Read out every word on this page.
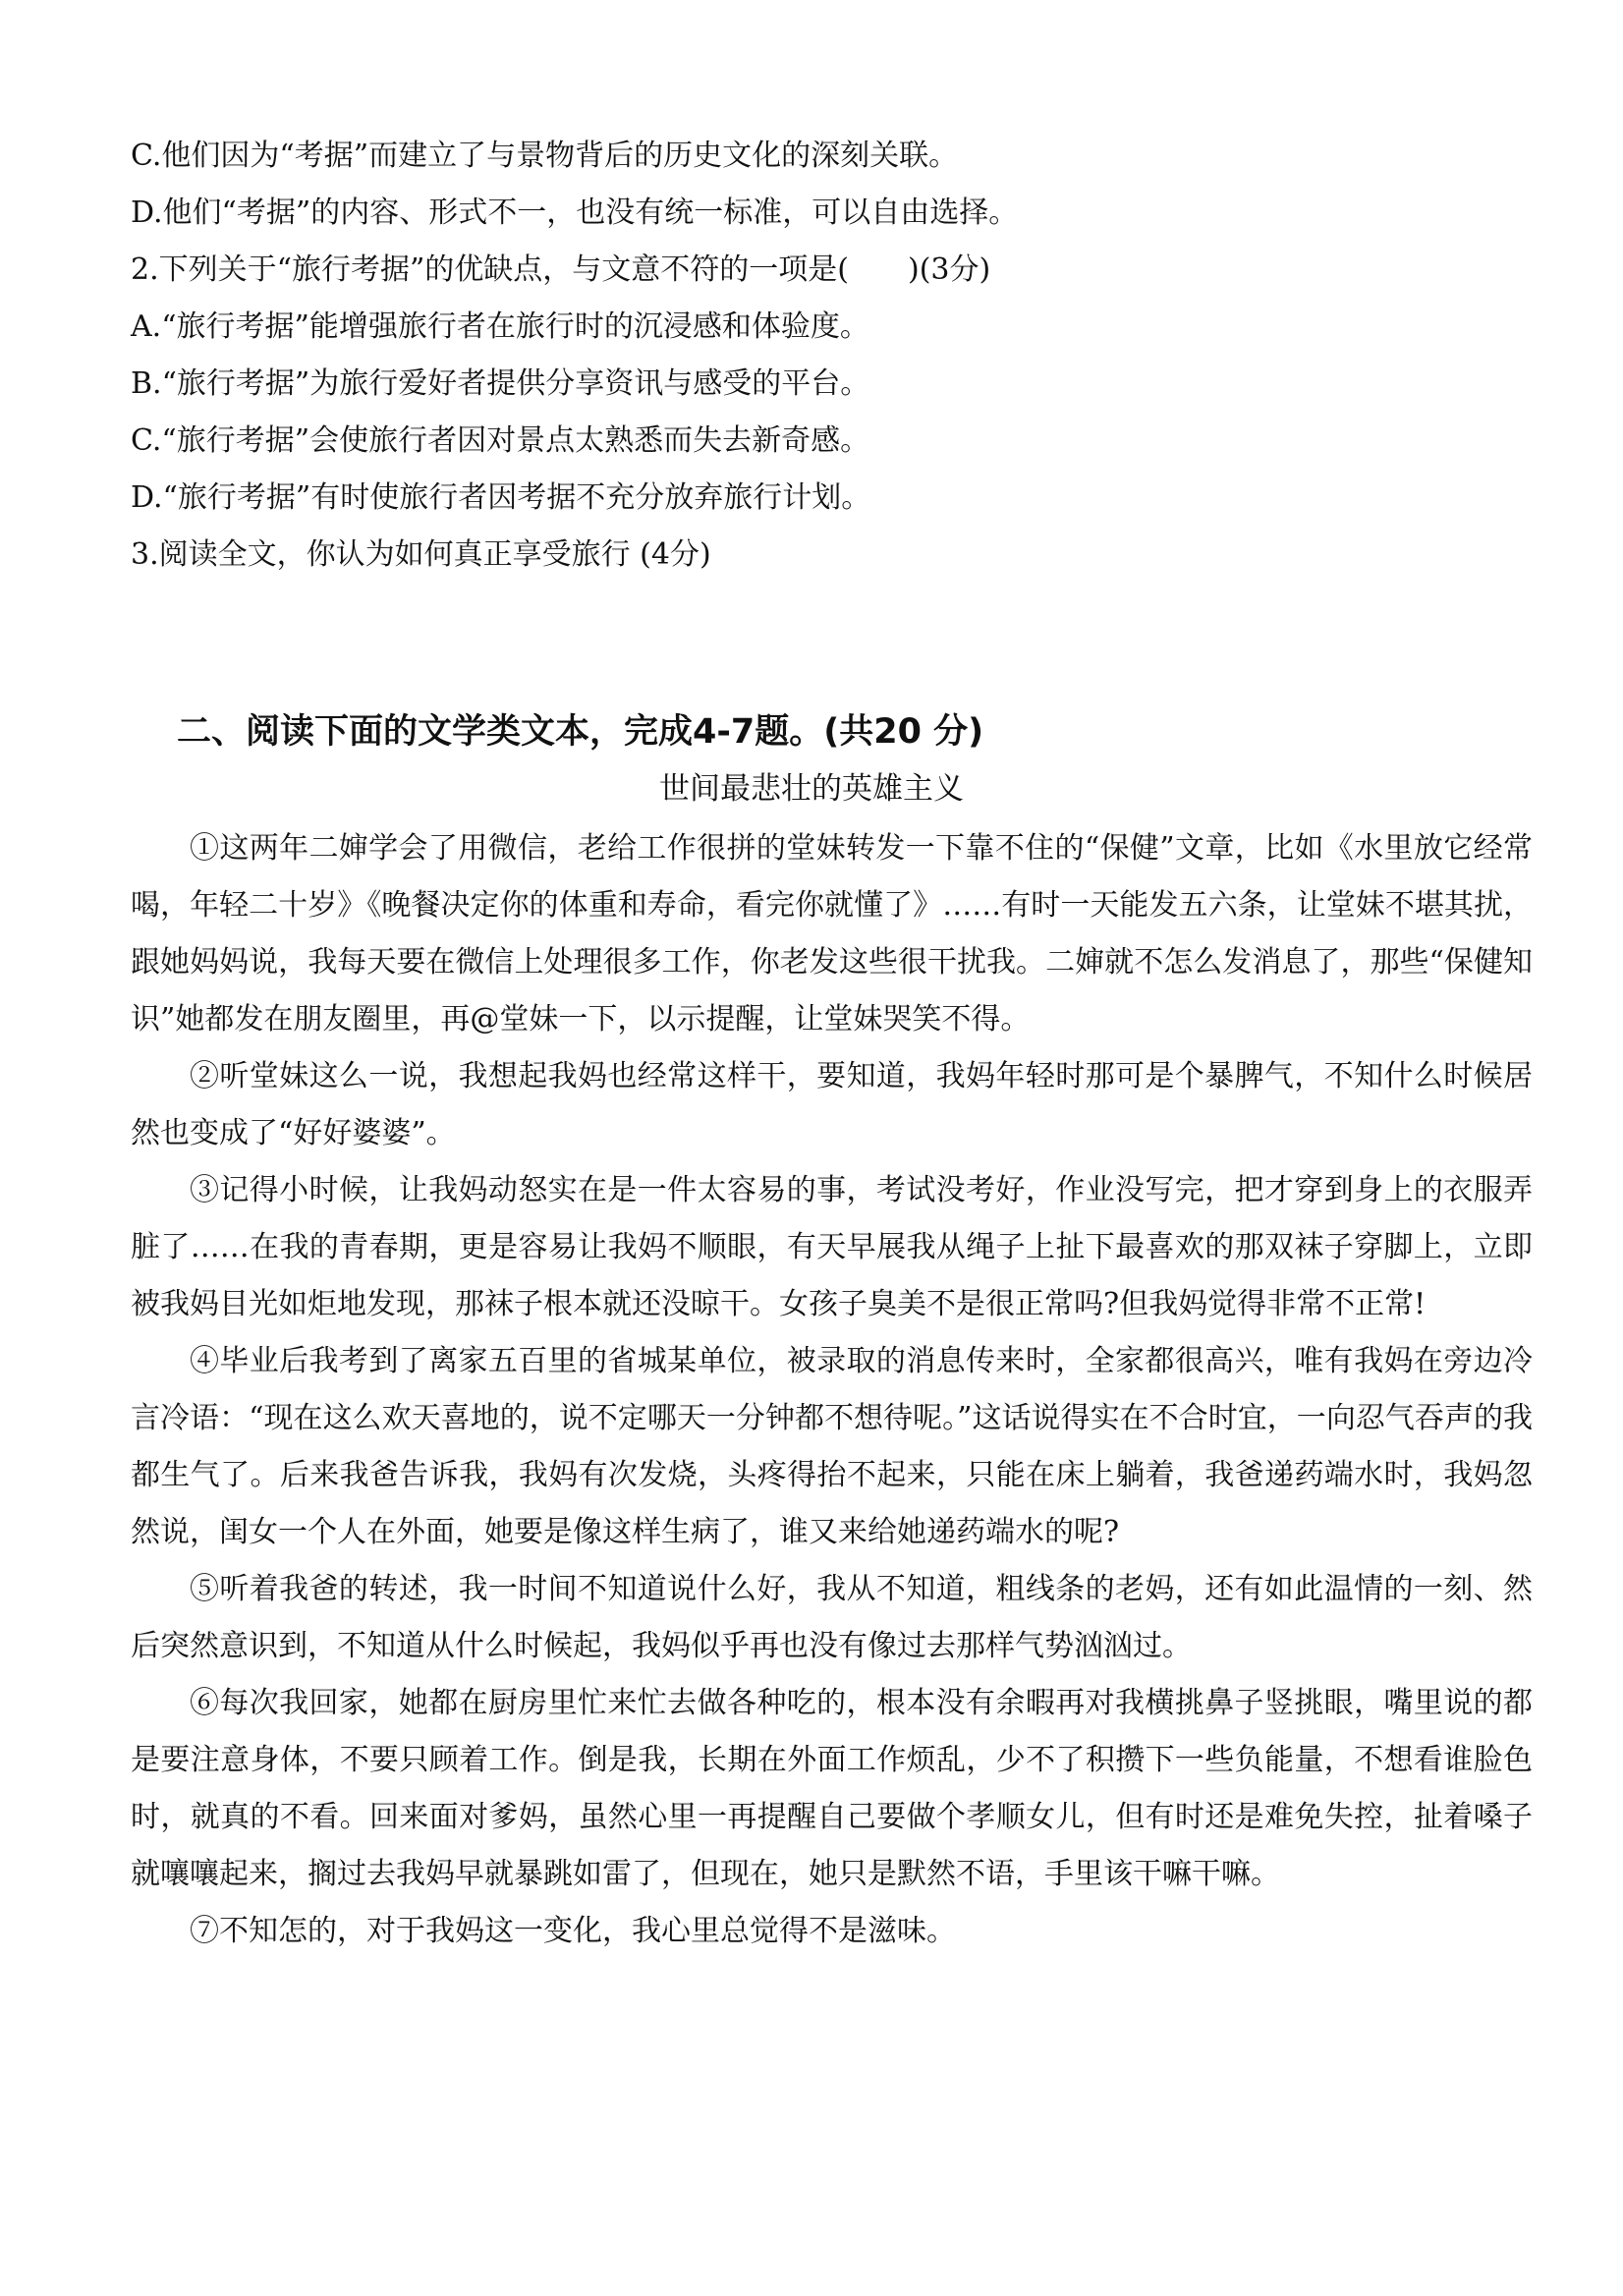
C.他们因为“考据”而建立了与景物背后的历史文化的深刻关联。
D.他们“考据”的内容、形式不一，也没有统一标准，可以自由选择。
2.下列关于“旅行考据”的优缺点，与文意不符的一项是(　　)(3分)
A.“旅行考据”能增强旅行者在旅行时的沉浸感和体验度。
B.“旅行考据”为旅行爱好者提供分享资讯与感受的平台。
C.“旅行考据”会使旅行者因对景点太熟悉而失去新奇感。
D.“旅行考据”有时使旅行者因考据不充分放弃旅行计划。
3.阅读全文，你认为如何真正享受旅行 (4分)
二、阅读下面的文学类文本，完成4-7题。(共20 分)
世间最悲壮的英雄主义

①这两年二婶学会了用微信，老给工作很拼的堂妹转发一下靠不住的“保健”文章，比如《水里放它经常喝，年轻二十岁》《晚餐决定你的体重和寿命，看完你就懂了》……有时一天能发五六条，让堂妹不堪其扰，跟她妈妈说，我每天要在微信上处理很多工作，你老发这些很干扰我。二婶就不怎么发消息了，那些“保健知识”她都发在朋友圈里，再@堂妹一下，以示提醒，让堂妹哭笑不得。

②听堂妹这么一说，我想起我妈也经常这样干，要知道，我妈年轻时那可是个暴脾气，不知什么时候居然也变成了“好好婆婆”。

③记得小时候，让我妈动怒实在是一件太容易的事，考试没考好，作业没写完，把才穿到身上的衣服弄脏了……在我的青春期，更是容易让我妈不顺眼，有天早展我从绳子上扯下最喜欢的那双袜子穿脚上，立即被我妈目光如炬地发现，那袜子根本就还没晾干。女孩子臭美不是很正常吗?但我妈觉得非常不正常!

④毕业后我考到了离家五百里的省城某单位，被录取的消息传来时，全家都很高兴，唯有我妈在旁边冷言冷语：“现在这么欢天喜地的，说不定哪天一分钟都不想待呢。”这话说得实在不合时宜，一向忍气吞声的我都生气了。后来我爸告诉我，我妈有次发烧，头疼得抬不起来，只能在床上躺着，我爸递药端水时，我妈忽然说，闺女一个人在外面，她要是像这样生病了，谁又来给她递药端水的呢?

⑤听着我爸的转述，我一时间不知道说什么好，我从不知道，粗线条的老妈，还有如此温情的一刻、然后突然意识到，不知道从什么时候起，我妈似乎再也没有像过去那样气势汹汹过。

⑥每次我回家，她都在厨房里忙来忙去做各种吃的，根本没有余暇再对我横挑鼻子竖挑眼，嘴里说的都是要注意身体，不要只顾着工作。倒是我，长期在外面工作烦乱，少不了积攒下一些负能量，不想看谁脸色时，就真的不看。回来面对爹妈，虽然心里一再提醒自己要做个孝顺女儿，但有时还是难免失控，扯着嗓子就嚷嚷起来，搁过去我妈早就暴跳如雷了，但现在，她只是默然不语，手里该干嘛干嘛。

⑦不知怎的，对于我妈这一变化，我心里总觉得不是滋味。
